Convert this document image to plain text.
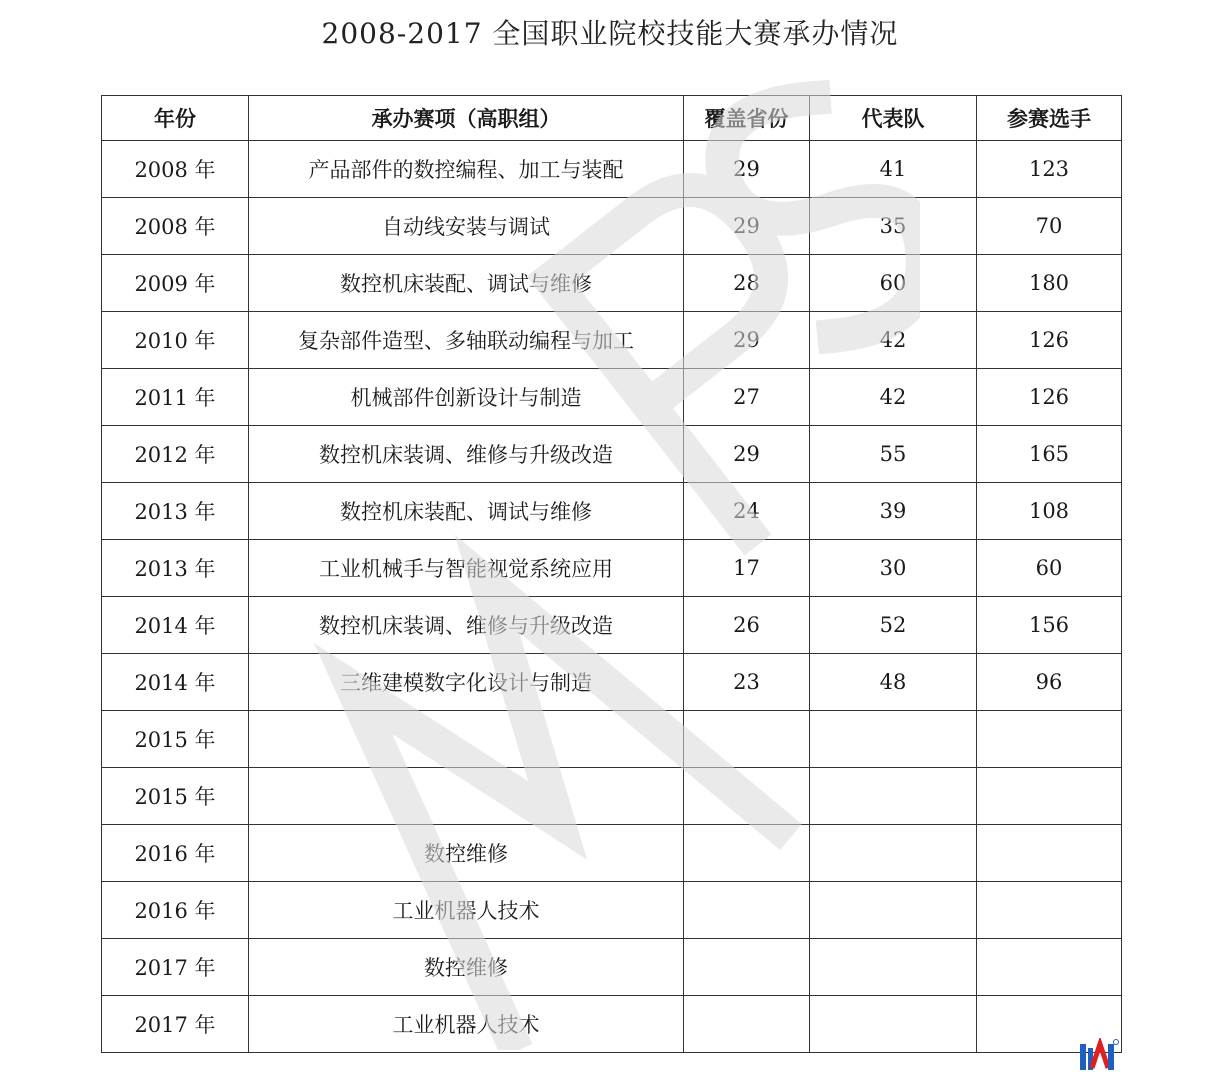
2008-2017 全国职业院校技能大赛承办情况
年份	承办赛项（高职组）	覆盖省份	代表队	参赛选手
2008 年	产品部件的数控编程、加工与装配	29	41	123
2008 年	自动线安装与调试	29	35	70
2009 年	数控机床装配、调试与维修	28	60	180
2010 年	复杂部件造型、多轴联动编程与加工	29	42	126
2011 年	机械部件创新设计与制造	27	42	126
2012 年	数控机床装调、维修与升级改造	29	55	165
2013 年	数控机床装配、调试与维修	24	39	108
2013 年	工业机械手与智能视觉系统应用	17	30	60
2014 年	数控机床装调、维修与升级改造	26	52	156
2014 年	三维建模数字化设计与制造	23	48	96
2015 年				
2015 年				
2016 年	数控维修			
2016 年	工业机器人技术			
2017 年	数控维修			
2017 年	工业机器人技术			
